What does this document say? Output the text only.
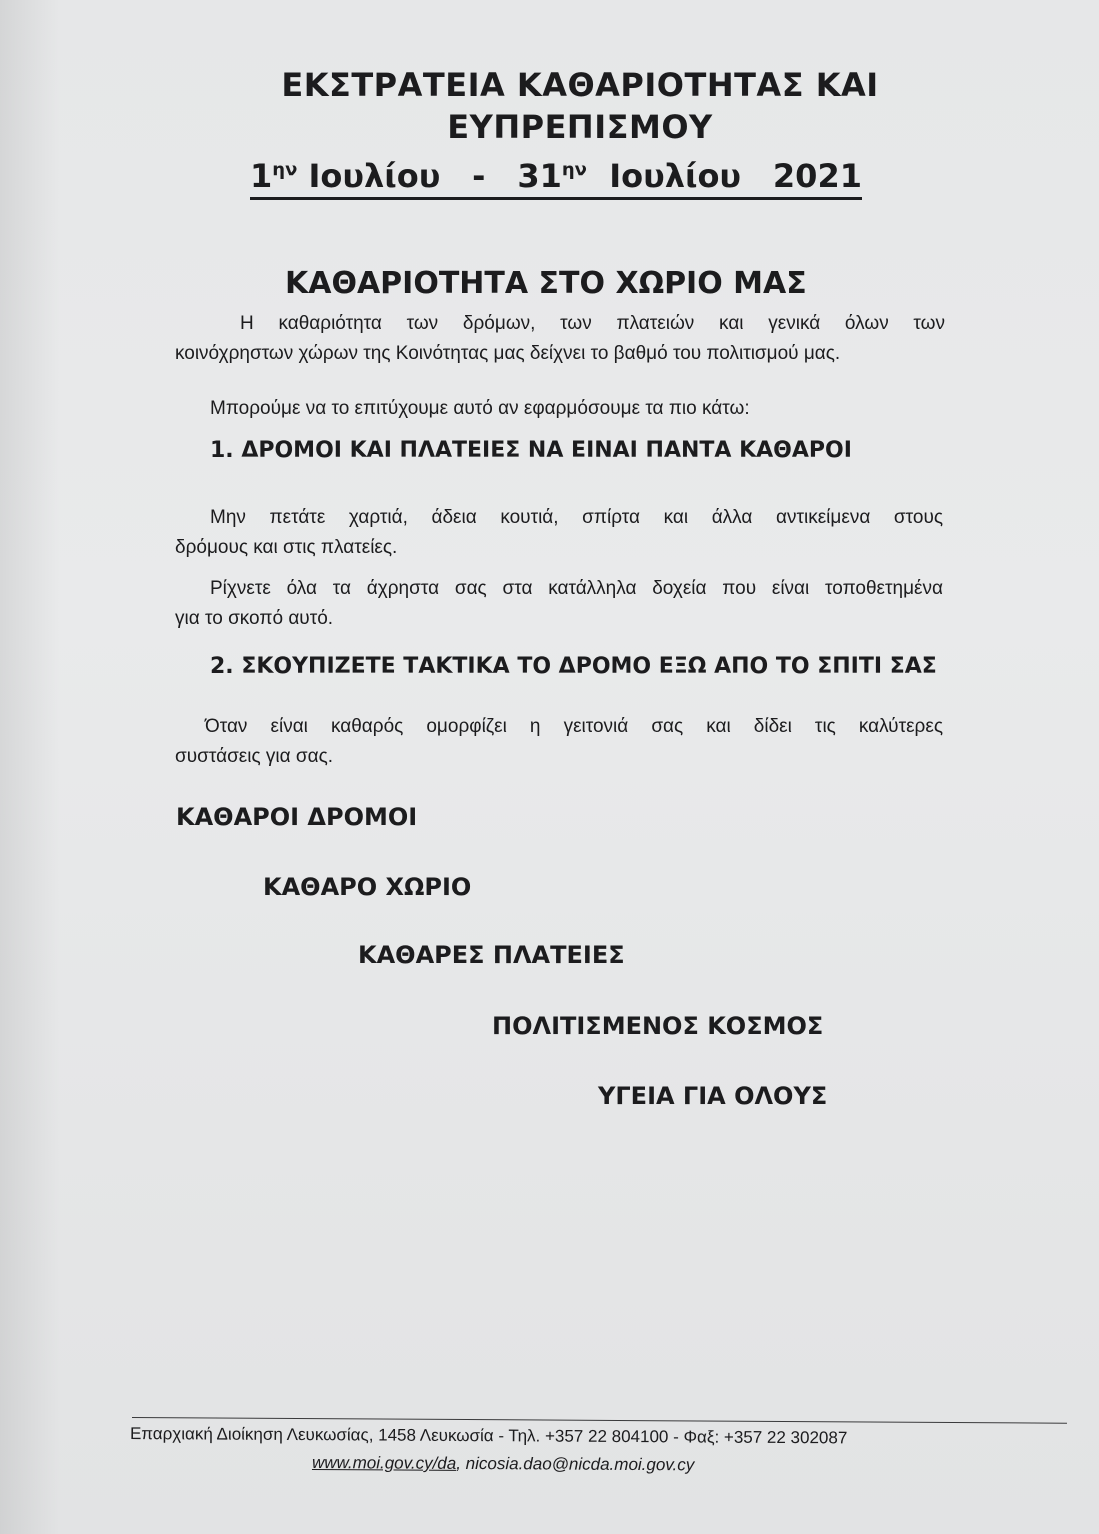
ΕΚΣΤΡΑΤΕΙΑ ΚΑΘΑΡΙΟΤΗΤΑΣ ΚΑΙ
ΕΥΠΡΕΠΙΣΜΟΥ
$1^{\eta\nu}$ Ιουλίου - $31^{\eta\nu}$ Ιουλίου 2021
ΚΑΘΑΡΙΟΤΗΤΑ ΣΤΟ ΧΩΡΙΟ ΜΑΣ

Η καθαριότητα των δρόμων, των πλατειών και γενικά όλων των
κοινόχρηστων χώρων της Κοινότητας μας δείχνει το βαθμό του πολιτισμού μας.

Μπορούμε να το επιτύχουμε αυτό αν εφαρμόσουμε τα πιο κάτω:

1. ΔΡΟΜΟΙ ΚΑΙ ΠΛΑΤΕΙΕΣ ΝΑ ΕΙΝΑΙ ΠΑΝΤΑ ΚΑΘΑΡΟΙ

Μην πετάτε χαρτιά, άδεια κουτιά, σπίρτα και άλλα αντικείμενα στους
δρόμους και στις πλατείες.

Ρίχνετε όλα τα άχρηστα σας στα κατάλληλα δοχεία που είναι τοποθετημένα
για το σκοπό αυτό.

2. ΣΚΟΥΠΙΖΕΤΕ ΤΑΚΤΙΚΑ ΤΟ ΔΡΟΜΟ ΕΞΩ ΑΠΟ ΤΟ ΣΠΙΤΙ ΣΑΣ

Όταν είναι καθαρός ομορφίζει η γειτονιά σας και δίδει τις καλύτερες
συστάσεις για σας.

ΚΑΘΑΡΟΙ ΔΡΟΜΟΙ
ΚΑΘΑΡΟ ΧΩΡΙΟ
ΚΑΘΑΡΕΣ ΠΛΑΤΕΙΕΣ
ΠΟΛΙΤΙΣΜΕΝΟΣ ΚΟΣΜΟΣ
ΥΓΕΙΑ ΓΙΑ ΟΛΟΥΣ
Επαρχιακή Διοίκηση Λευκωσίας, 1458 Λευκωσία - Τηλ. +357 22 804100 - Φαξ: +357 22 302087
www.moi.gov.cy/da, nicosia.dao@nicda.moi.gov.cy
